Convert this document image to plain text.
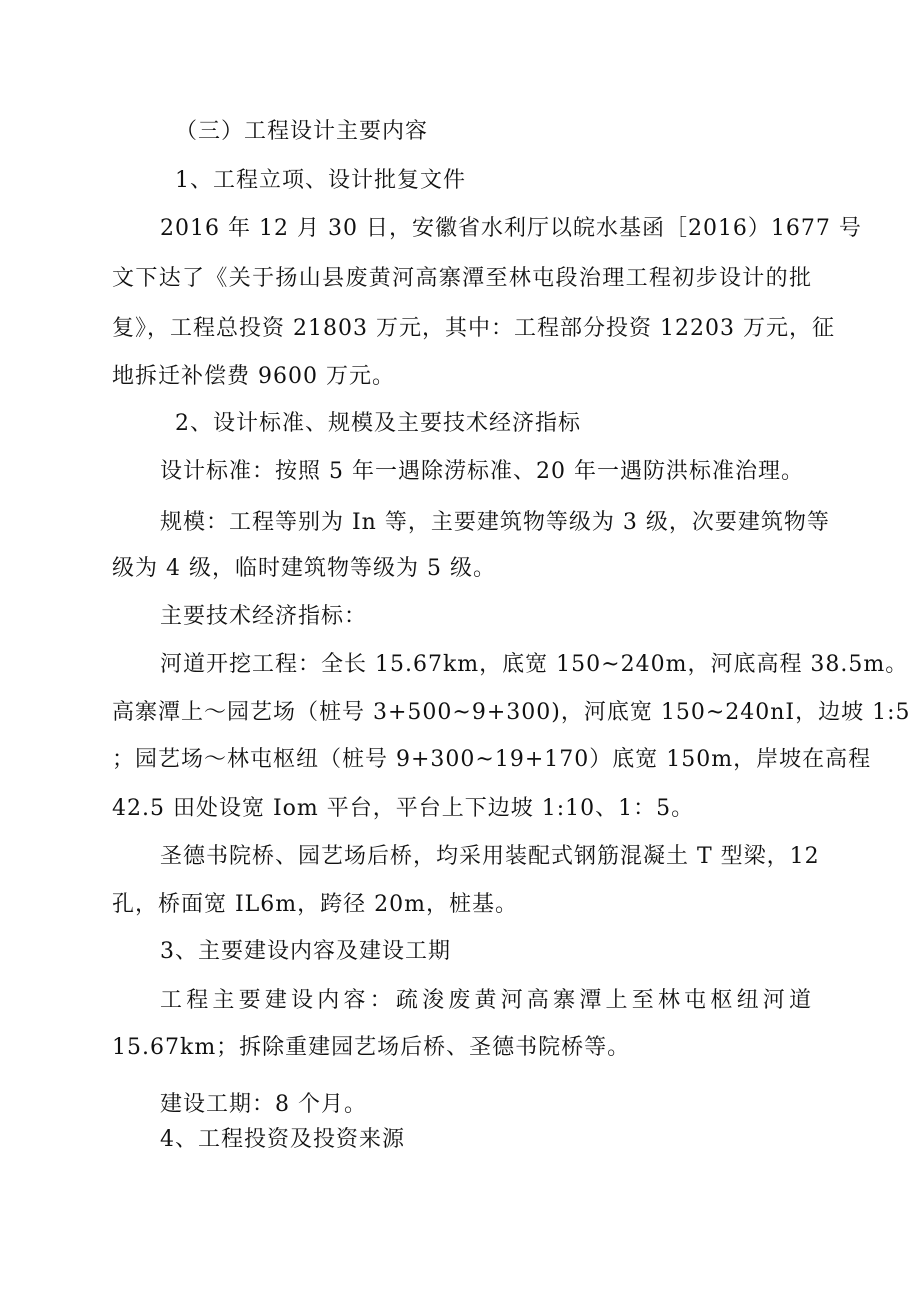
（三）工程设计主要内容
1、工程立项、设计批复文件
2016 年 12 月 30 日，安徽省水利厅以皖水基函［2016）1677 号
文下达了《关于扬山县废黄河高寨潭至林屯段治理工程初步设计的批
复》，工程总投资 21803 万元，其中：工程部分投资 12203 万元，征
地拆迁补偿费 9600 万元。
2、设计标准、规模及主要技术经济指标
设计标准：按照 5 年一遇除涝标准、20 年一遇防洪标准治理。
规模：工程等别为 In 等，主要建筑物等级为 3 级，次要建筑物等
级为 4 级，临时建筑物等级为 5 级。
主要技术经济指标：
河道开挖工程：全长 15.67km，底宽 150~240m，河底高程 38.5m。
高寨潭上～园艺场（桩号 3+500~9+300)，河底宽 150~240nI，边坡 1:5
；园艺场～林屯枢纽（桩号 9+300~19+170）底宽 150m，岸坡在高程
42.5 田处设宽 Iom 平台，平台上下边坡 1:10、1：5。
圣德书院桥、园艺场后桥，均采用装配式钢筋混凝土 T 型梁，12
孔，桥面宽 IL6m，跨径 20m，桩基。
3、主要建设内容及建设工期
工程主要建设内容：疏浚废黄河高寨潭上至林屯枢纽河道
15.67km；拆除重建园艺场后桥、圣德书院桥等。
建设工期：8 个月。
4、工程投资及投资来源
